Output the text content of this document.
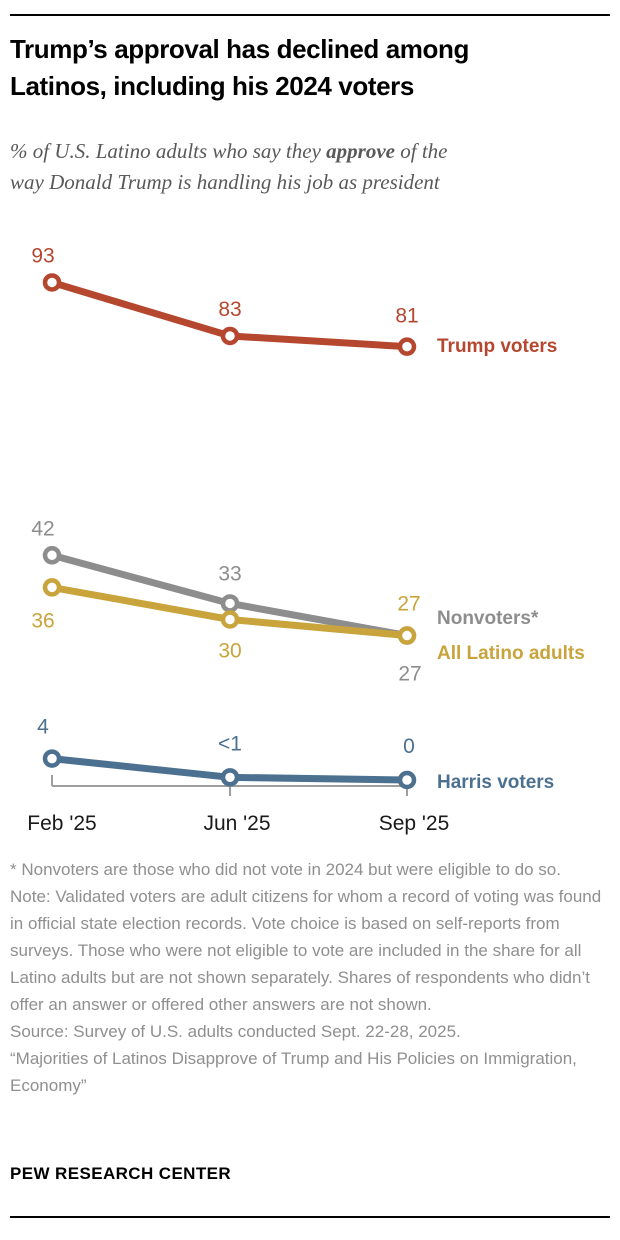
Trump’s approval has declined among
Latinos, including his 2024 voters

% of U.S. Latino adults who say they approve of the
way Donald Trump is handling his job as president

Feb '25	Jun '25	Sep '25
93
83	81
Trump voters
42
33
27
Nonvoters*
36
30
27
All Latino adults
4
<1	0
Harris voters

* Nonvoters are those who did not vote in 2024 but were eligible to do so.

Note: Validated voters are adult citizens for whom a record of voting was found in official state election records. Vote choice is based on self-reports from surveys. Those who were not eligible to vote are included in the share for all Latino adults but are not shown separately. Shares of respondents who didn’t offer an answer or offered other answers are not shown.

Source: Survey of U.S. adults conducted Sept. 22-28, 2025.

“Majorities of Latinos Disapprove of Trump and His Policies on Immigration, Economy”

PEW RESEARCH CENTER
